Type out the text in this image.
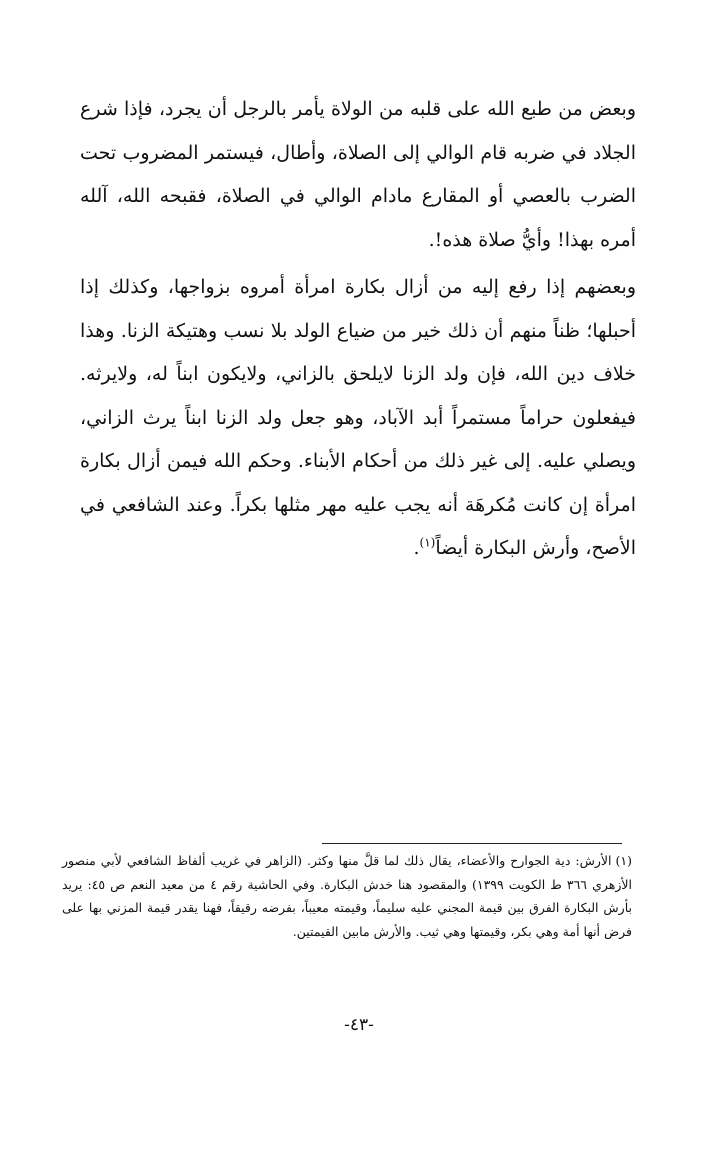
وبعض من طبع الله على قلبه من الولاة يأمر بالرجل أن يجرد، فإذا شرع الجلاد في ضربه قام الوالي إلى الصلاة، وأطال، فيستمر المضروب تحت الضرب بالعصي أو المقارع مادام الوالي في الصلاة، فقبحه الله، آلله أمره بهذا! وأيُّ صلاة هذه!.

وبعضهم إذا رفع إليه من أزال بكارة امرأة أمروه بزواجها، وكذلك إذا أحبلها؛ ظناً منهم أن ذلك خير من ضياع الولد بلا نسب وهتيكة الزنا. وهذا خلاف دين الله، فإن ولد الزنا لايلحق بالزاني، ولايكون ابناً له، ولايرثه. فيفعلون حراماً مستمراً أبد الآباد، وهو جعل ولد الزنا ابناً يرث الزاني، ويصلي عليه. إلى غير ذلك من أحكام الأبناء. وحكم الله فيمن أزال بكارة امرأة إن كانت مُكرهَة أنه يجب عليه مهر مثلها بكراً. وعند الشافعي في الأصح، وأرش البكارة أيضاً$^{(١)}$.

(١)الأرش: دية الجوارح والأعضاء، يقال ذلك لما قلَّ منها وكثر. (الزاهر في غريب ألفاظ الشافعي لأبي منصور الأزهري ٣٦٦ ط الكويت ١٣٩٩) والمقصود هنا خدش البكارة. وفي الحاشية رقم ٤ من معيد النعم ص ٤٥: يريد بأرش البكارة الفرق بين قيمة المجني عليه سليماً، وقيمته معيباً، بفرضه رقيقاً، فهنا يقدر قيمة المزني بها على فرض أنها أمة وهي بكر، وقيمتها وهي ثيب. والأرش مابين القيمتين.

-٤٣-
